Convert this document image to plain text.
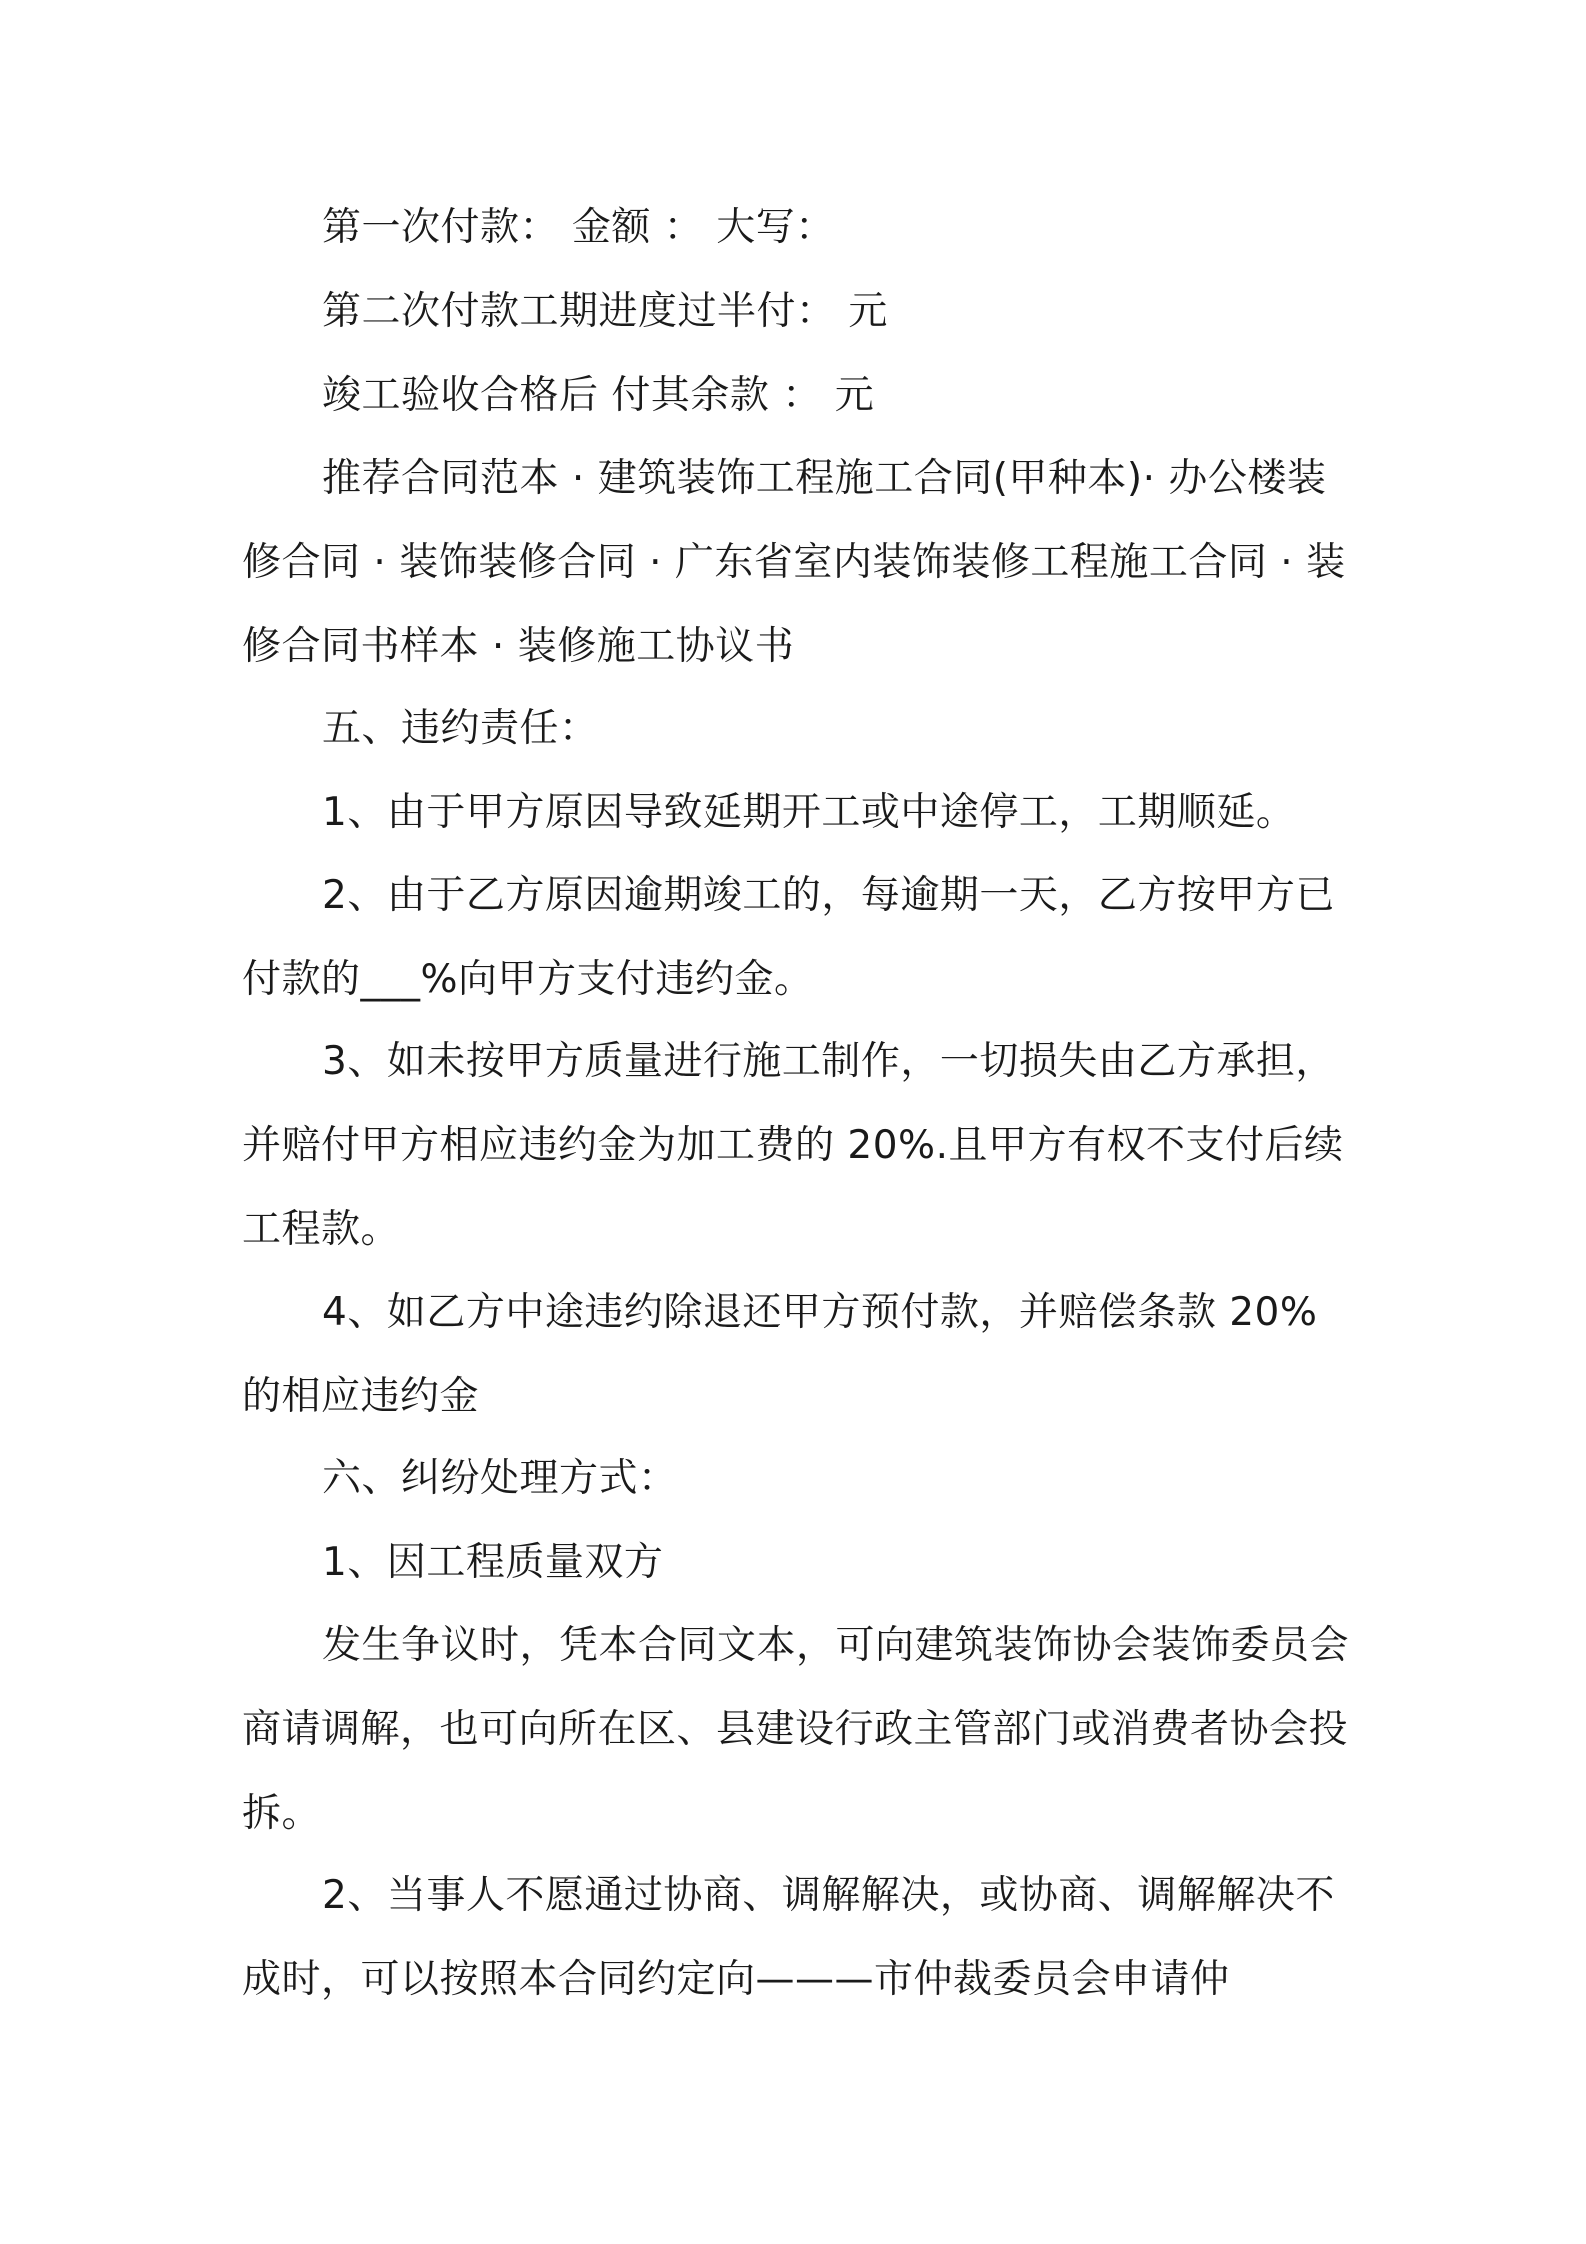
第一次付款： 金额 ： 大写：

第二次付款工期进度过半付： 元

竣工验收合格后 付其余款 ： 元

推荐合同范本 · 建筑装饰工程施工合同(甲种本)· 办公楼装修合同 · 装饰装修合同 · 广东省室内装饰装修工程施工合同 · 装修合同书样本 · 装修施工协议书

五、违约责任：

1、由于甲方原因导致延期开工或中途停工，工期顺延。

2、由于乙方原因逾期竣工的，每逾期一天，乙方按甲方已付款的___%向甲方支付违约金。

3、如未按甲方质量进行施工制作，一切损失由乙方承担，并赔付甲方相应违约金为加工费的 20%.且甲方有权不支付后续工程款。

4、如乙方中途违约除退还甲方预付款，并赔偿条款 20%的相应违约金

六、纠纷处理方式：

1、因工程质量双方

发生争议时，凭本合同文本，可向建筑装饰协会装饰委员会商请调解，也可向所在区、县建设行政主管部门或消费者协会投拆。

2、当事人不愿通过协商、调解解决，或协商、调解解决不成时，可以按照本合同约定向———市仲裁委员会申请仲
